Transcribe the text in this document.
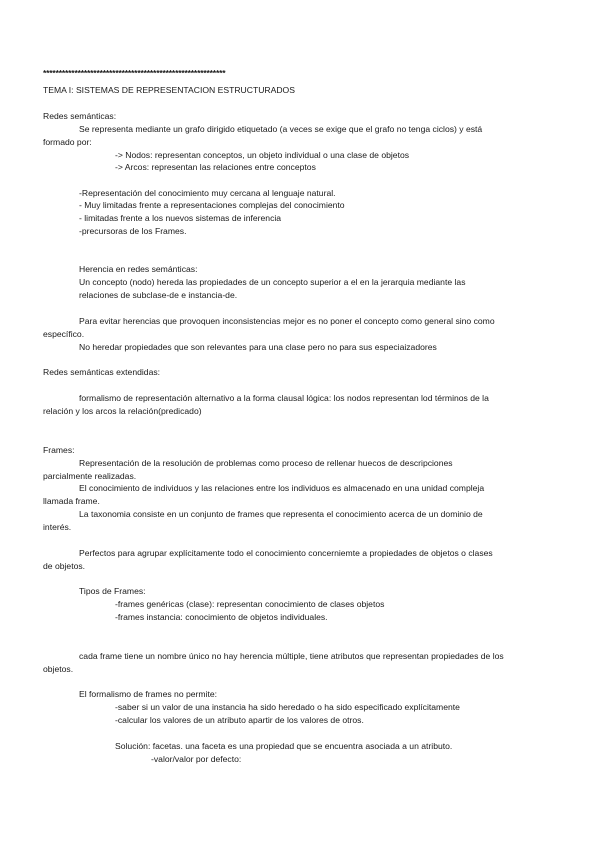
**********************************************************
TEMA I: SISTEMAS DE REPRESENTACION ESTRUCTURADOS
Redes semánticas:
Se representa mediante un grafo dirigido etiquetado (a veces se exige que el grafo no tenga ciclos) y está
formado por:
-> Nodos: representan conceptos, un objeto individual o una clase de objetos
-> Arcos: representan las relaciones entre conceptos
-Representación del conocimiento muy cercana al lenguaje natural.
- Muy limitadas frente a representaciones complejas del conocimiento
- limitadas frente a los nuevos sistemas de inferencia
-precursoras de los Frames.
Herencia en redes semánticas:
Un concepto (nodo) hereda las propiedades de un concepto superior a el en la jerarquia mediante las
relaciones de subclase-de e instancia-de.
Para evitar herencias que provoquen inconsistencias mejor es no poner el concepto como general sino como
específico.
No heredar propiedades que son relevantes para una clase pero no para sus especiaizadores
Redes semánticas extendidas:
formalismo de representación alternativo a la forma clausal lógica: los nodos representan lod términos de la
relación y los arcos la relación(predicado)
Frames:
Representación de la resolución de problemas como proceso de rellenar huecos de descripciones
parcialmente realizadas.
El conocimiento de individuos y las relaciones entre los individuos es almacenado en una unidad compleja
llamada frame.
La taxonomia consiste en un conjunto de frames que representa el conocimiento acerca de un dominio de
interés.
Perfectos para agrupar explícitamente todo el conocimiento concerniemte a propiedades de objetos o clases
de objetos.
Tipos de Frames:
-frames genéricas (clase): representan conocimiento de clases objetos
-frames instancia: conocimiento de objetos individuales.
cada frame tiene un nombre único no hay herencia múltiple, tiene atributos que representan propiedades de los
objetos.
El formalismo de frames no permite:
-saber si un valor de una instancia ha sido heredado o ha sido especificado explícitamente
-calcular los valores de un atributo apartir de los valores de otros.
Solución: facetas. una faceta es una propiedad que se encuentra asociada a un atributo.
-valor/valor por defecto:
